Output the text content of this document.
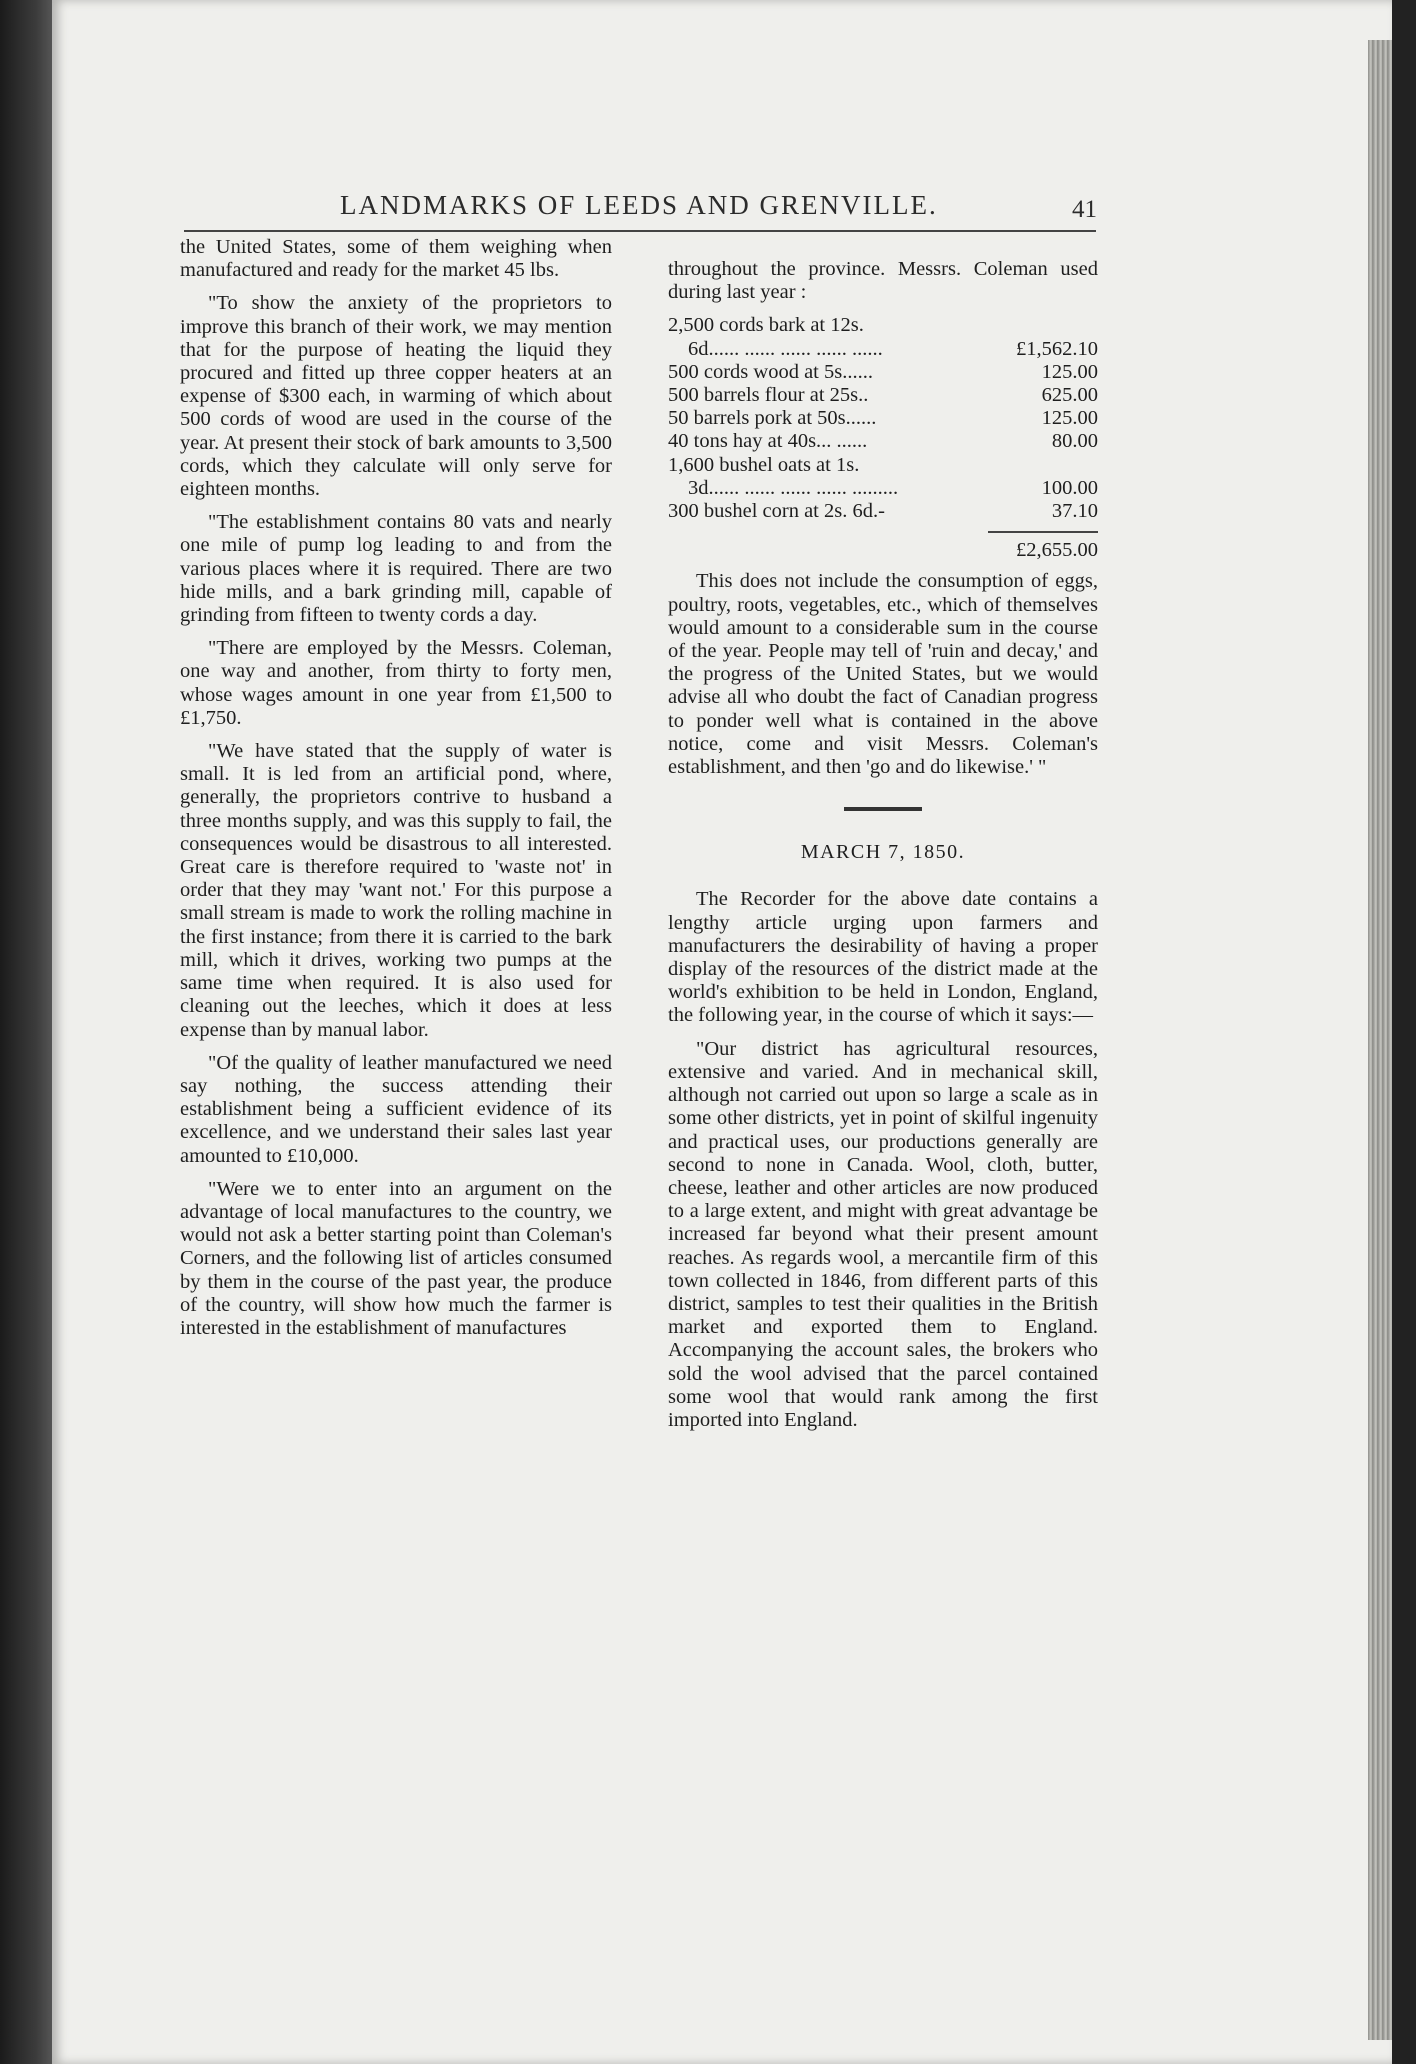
LANDMARKS OF LEEDS AND GRENVILLE.	41

the United States, some of them weighing when manufactured and ready for the market 45 lbs.

"To show the anxiety of the proprietors to improve this branch of their work, we may mention that for the purpose of heating the liquid they procured and fitted up three copper heaters at an expense of $300 each, in warming of which about 500 cords of wood are used in the course of the year. At present their stock of bark amounts to 3,500 cords, which they calculate will only serve for eighteen months.

"The establishment contains 80 vats and nearly one mile of pump log leading to and from the various places where it is required. There are two hide mills, and a bark grinding mill, capable of grinding from fifteen to twenty cords a day.

"There are employed by the Messrs. Coleman, one way and another, from thirty to forty men, whose wages amount in one year from £1,500 to £1,750.

"We have stated that the supply of water is small. It is led from an artificial pond, where, generally, the proprietors contrive to husband a three months supply, and was this supply to fail, the consequences would be disastrous to all interested. Great care is therefore required to 'waste not' in order that they may 'want not.' For this purpose a small stream is made to work the rolling machine in the first instance; from there it is carried to the bark mill, which it drives, working two pumps at the same time when required. It is also used for cleaning out the leeches, which it does at less expense than by manual labor.

"Of the quality of leather manufactured we need say nothing, the success attending their establishment being a sufficient evidence of its excellence, and we understand their sales last year amounted to £10,000.

"Were we to enter into an argument on the advantage of local manufactures to the country, we would not ask a better starting point than Coleman's Corners, and the following list of articles consumed by them in the course of the past year, the produce of the country, will show how much the farmer is interested in the establishment of manufactures

throughout the province. Messrs. Coleman used during last year :

2,500 cords bark at 12s.
6d...... ...... ...... ...... ......	£1,562.10
500 cords wood at 5s......	125.00
500 barrels flour at 25s..	625.00
50 barrels pork at 50s......	125.00
40 tons hay at 40s... ......	80.00
1,600 bushel oats at 1s.
3d...... ...... ...... ...... .........	100.00
300 bushel corn at 2s. 6d.-	37.10
£2,655.00

This does not include the consumption of eggs, poultry, roots, vegetables, etc., which of themselves would amount to a considerable sum in the course of the year. People may tell of 'ruin and decay,' and the progress of the United States, but we would advise all who doubt the fact of Canadian progress to ponder well what is contained in the above notice, come and visit Messrs. Coleman's establishment, and then 'go and do likewise.' "

MARCH 7, 1850.

The Recorder for the above date contains a lengthy article urging upon farmers and manufacturers the desirability of having a proper display of the resources of the district made at the world's exhibition to be held in London, England, the following year, in the course of which it says:—

"Our district has agricultural resources, extensive and varied. And in mechanical skill, although not carried out upon so large a scale as in some other districts, yet in point of skilful ingenuity and practical uses, our productions generally are second to none in Canada. Wool, cloth, butter, cheese, leather and other articles are now produced to a large extent, and might with great advantage be increased far beyond what their present amount reaches. As regards wool, a mercantile firm of this town collected in 1846, from different parts of this district, samples to test their qualities in the British market and exported them to England. Accompanying the account sales, the brokers who sold the wool advised that the parcel contained some wool that would rank among the first imported into England.
